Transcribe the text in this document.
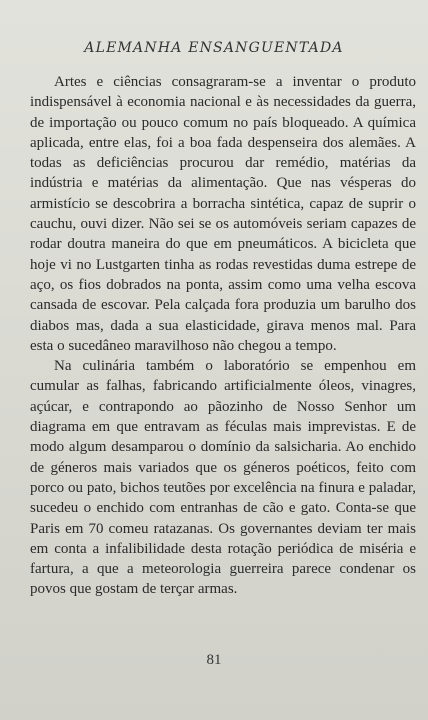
ALEMANHA ENSANGUENTADA

Artes e ciências consagraram-se a inventar o produto indispensável à economia nacional e às necessidades da guerra, de importação ou pouco comum no país bloqueado. A química aplicada, entre elas, foi a boa fada despenseira dos alemães. A todas as deficiências procurou dar remédio, matérias da indústria e matérias da alimentação. Que nas vésperas do armistício se descobrira a borracha sintética, capaz de suprir o cauchu, ouvi dizer. Não sei se os automóveis seriam capazes de rodar doutra maneira do que em pneumáticos. A bicicleta que hoje vi no Lustgarten tinha as rodas revestidas duma estrepe de aço, os fios dobrados na ponta, assim como uma velha escova cansada de escovar. Pela calçada fora produzia um barulho dos diabos mas, dada a sua elasticidade, girava menos mal. Para esta o sucedâneo maravilhoso não chegou a tempo.

Na culinária também o laboratório se empenhou em cumular as falhas, fabricando artificialmente óleos, vinagres, açúcar, e contrapondo ao pãozinho de Nosso Senhor um diagrama em que entravam as féculas mais imprevistas. E de modo algum desamparou o domínio da salsicharia. Ao enchido de géneros mais variados que os géneros poéticos, feito com porco ou pato, bichos teutões por excelência na finura e paladar, sucedeu o enchido com entranhas de cão e gato. Conta-se que Paris em 70 comeu ratazanas. Os governantes deviam ter mais em conta a infalibilidade desta rotação periódica de miséria e fartura, a que a meteorologia guerreira parece condenar os povos que gostam de terçar armas.

81
